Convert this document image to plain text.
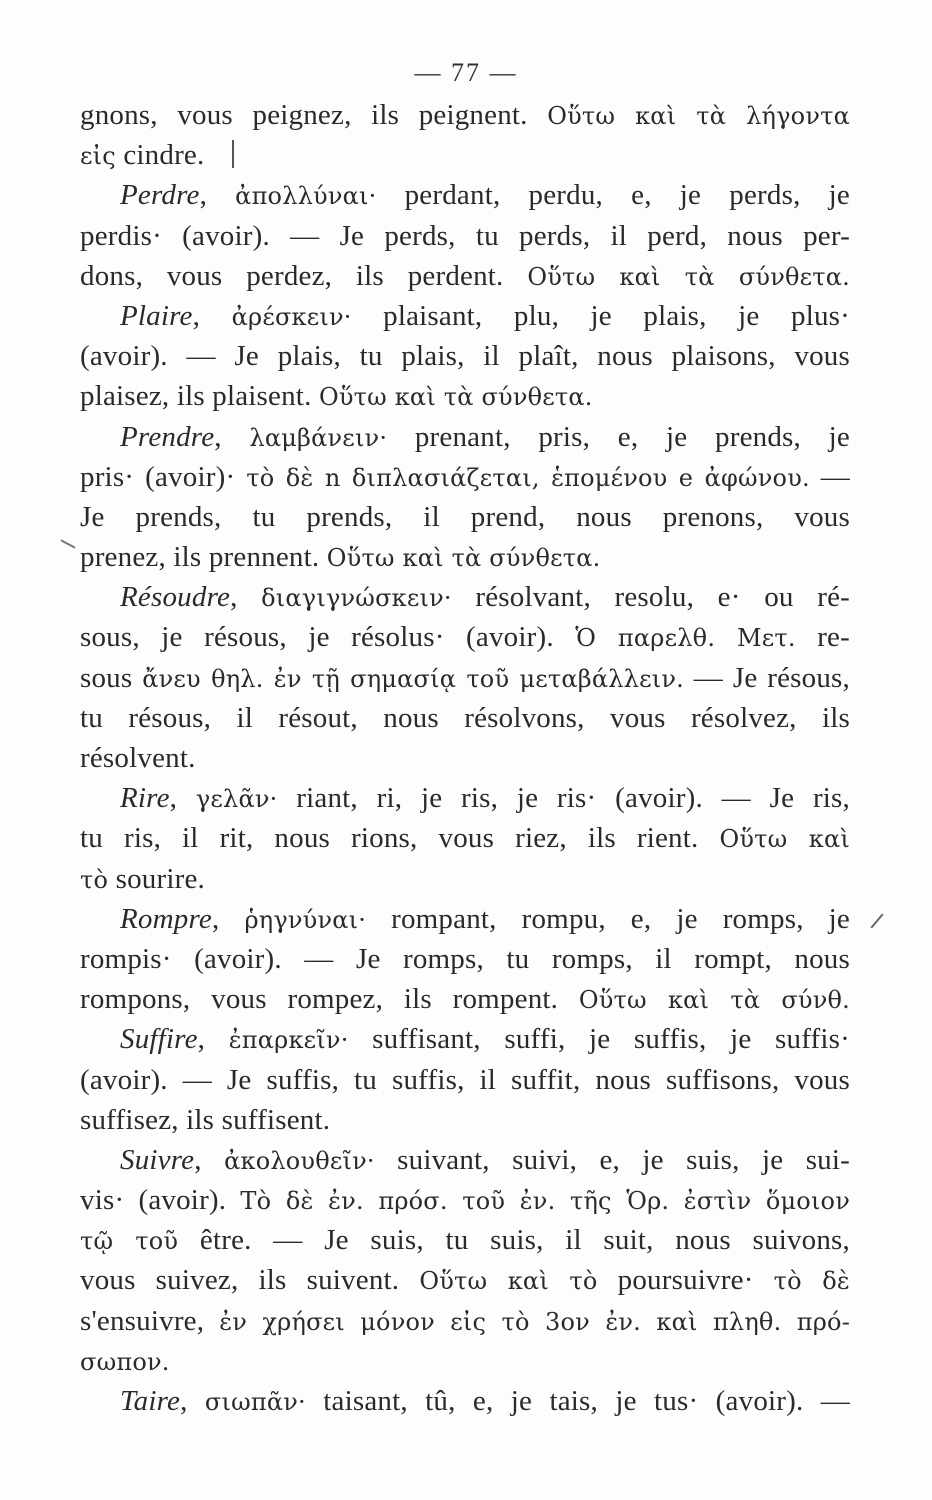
— 77 —
gnons, vous peignez, ils peignent. Οὕτω καὶ τὰ λήγοντα
εἰς cindre.
Perdre, ἀπολλύναι· perdant, perdu, e, je perds, je
perdis· (avoir). — Je perds, tu perds, il perd, nous per-
dons, vous perdez, ils perdent. Οὕτω καὶ τὰ σύνθετα.
Plaire, ἀρέσκειν· plaisant, plu, je plais, je plus·
(avoir). — Je plais, tu plais, il plaît, nous plaisons, vous
plaisez, ils plaisent. Οὕτω καὶ τὰ σύνθετα.
Prendre, λαμβάνειν· prenant, pris, e, je prends, je
pris· (avoir)· τὸ δὲ n διπλασιάζεται, ἑπομένου e ἀφώνου. —
Je prends, tu prends, il prend, nous prenons, vous
prenez, ils prennent. Οὕτω καὶ τὰ σύνθετα.
Résoudre, διαγιγνώσκειν· résolvant, resolu, e· ou ré-
sous, je résous, je résolus· (avoir). Ὁ παρελθ. Μετ. re-
sous ἄνευ θηλ. ἐν τῇ σημασίᾳ τοῦ μεταβάλλειν. — Je résous,
tu résous, il résout, nous résolvons, vous résolvez, ils
résolvent.
Rire, γελᾶν· riant, ri, je ris, je ris· (avoir). — Je ris,
tu ris, il rit, nous rions, vous riez, ils rient. Οὕτω καὶ
τὸ sourire.
Rompre, ῥηγνύναι· rompant, rompu, e, je romps, je
rompis· (avoir). — Je romps, tu romps, il rompt, nous
rompons, vous rompez, ils rompent. Οὕτω καὶ τὰ σύνθ.
Suffire, ἐπαρκεῖν· suffisant, suffi, je suffis, je suffis·
(avoir). — Je suffis, tu suffis, il suffit, nous suffisons, vous
suffisez, ils suffisent.
Suivre, ἀκολουθεῖν· suivant, suivi, e, je suis, je sui-
vis· (avoir). Τὸ δὲ ἐν. πρόσ. τοῦ ἐν. τῆς Ὁρ. ἐστὶν ὅμοιον
τῷ τοῦ être. — Je suis, tu suis, il suit, nous suivons,
vous suivez, ils suivent. Οὕτω καὶ τὸ poursuivre· τὸ δὲ
s'ensuivre, ἐν χρήσει μόνον εἰς τὸ 3ον ἐν. καὶ πληθ. πρό-
σωπον.
Taire, σιωπᾶν· taisant, tû, e, je tais, je tus· (avoir). —
